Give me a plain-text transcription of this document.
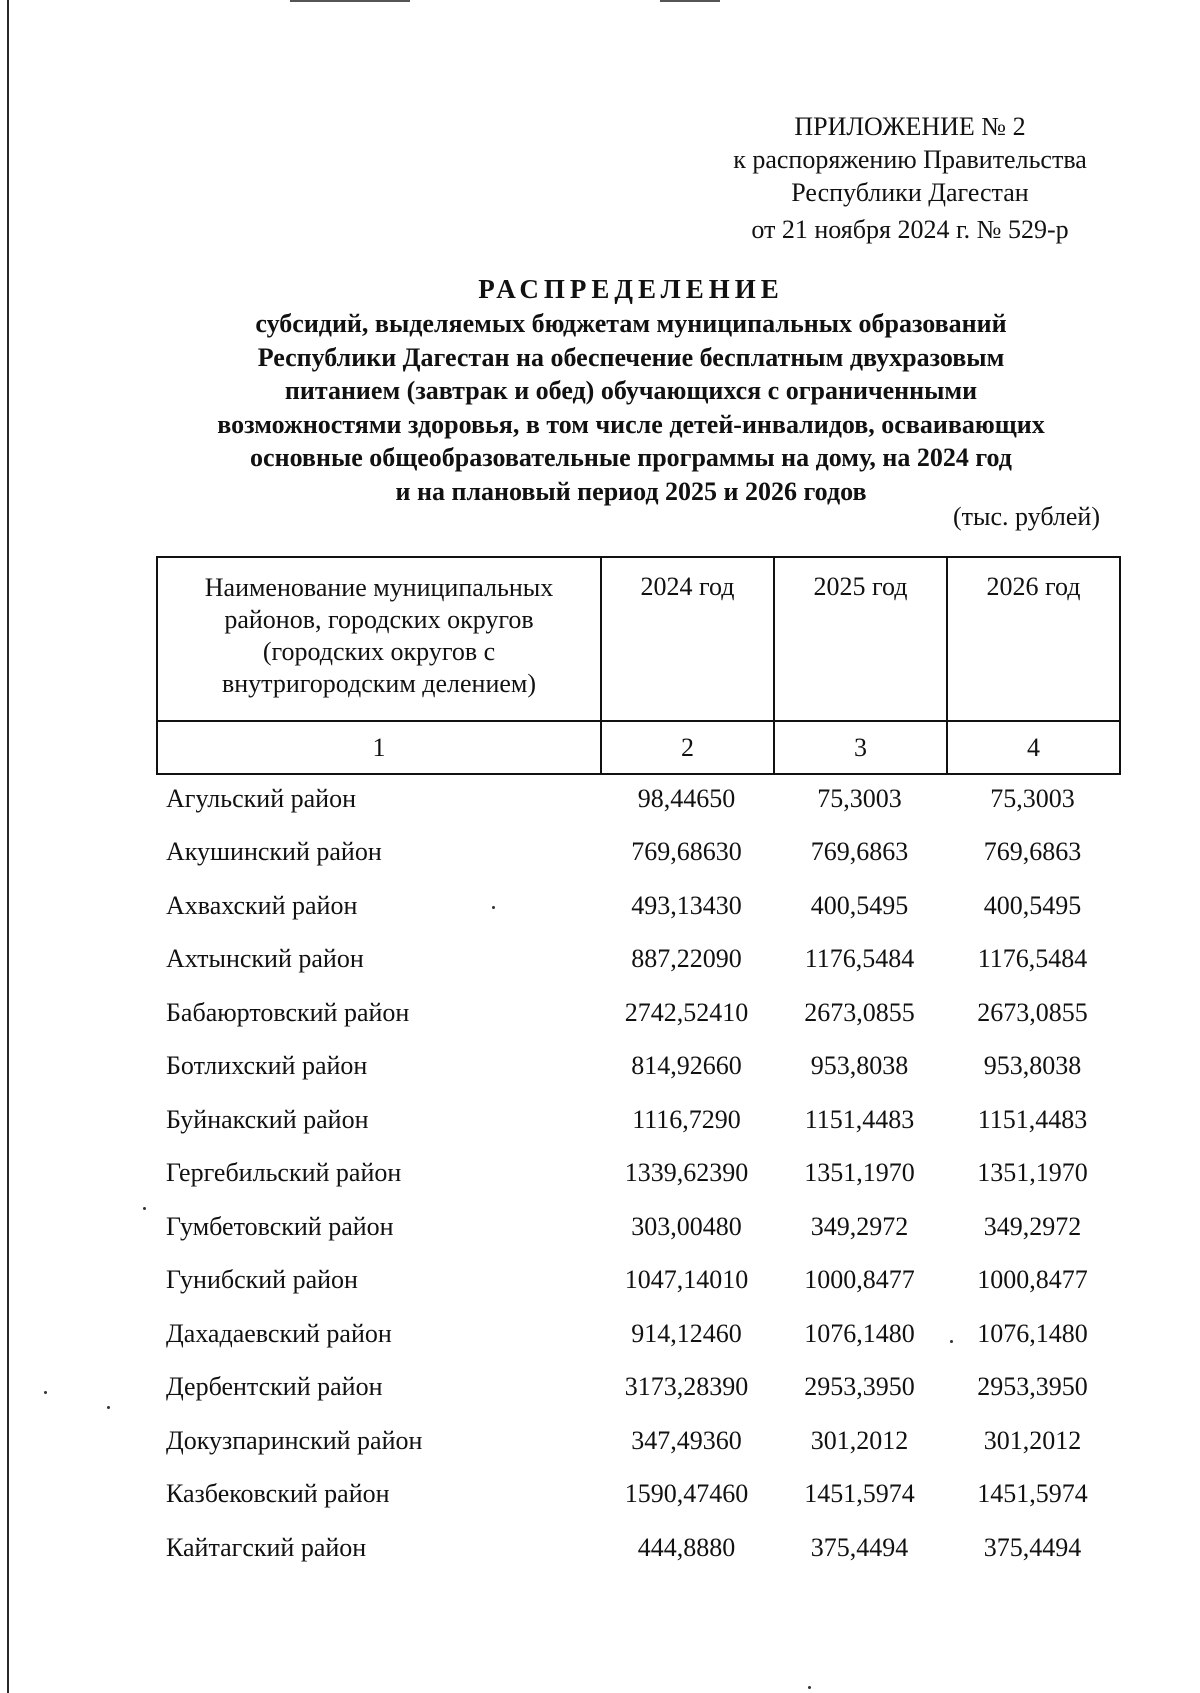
ПРИЛОЖЕНИЕ № 2
к распоряжению Правительства
Республики Дагестан
от 21 ноября 2024 г. № 529-р
РАСПРЕДЕЛЕНИЕ
субсидий, выделяемых бюджетам муниципальных образований
Республики Дагестан на обеспечение бесплатным двухразовым
питанием (завтрак и обед) обучающихся с ограниченными
возможностями здоровья, в том числе детей-инвалидов, осваивающих
основные общеобразовательные программы на дому, на 2024 год
и на плановый период 2025 и 2026 годов
(тыс. рублей)
Наименование муниципальных
районов, городских округов
(городских округов с
внутригородским делением)	2024 год	2025 год	2026 год
1	2	3	4
Агульский район	98,44650	75,3003	75,3003
Акушинский район	769,68630	769,6863	769,6863
Ахвахский район	493,13430	400,5495	400,5495
Ахтынский район	887,22090	1176,5484	1176,5484
Бабаюртовский район	2742,52410	2673,0855	2673,0855
Ботлихский район	814,92660	953,8038	953,8038
Буйнакский район	1116,7290	1151,4483	1151,4483
Гергебильский район	1339,62390	1351,1970	1351,1970
Гумбетовский район	303,00480	349,2972	349,2972
Гунибский район	1047,14010	1000,8477	1000,8477
Дахадаевский район	914,12460	1076,1480	1076,1480
Дербентский район	3173,28390	2953,3950	2953,3950
Докузпаринский район	347,49360	301,2012	301,2012
Казбековский район	1590,47460	1451,5974	1451,5974
Кайтагский район	444,8880	375,4494	375,4494
